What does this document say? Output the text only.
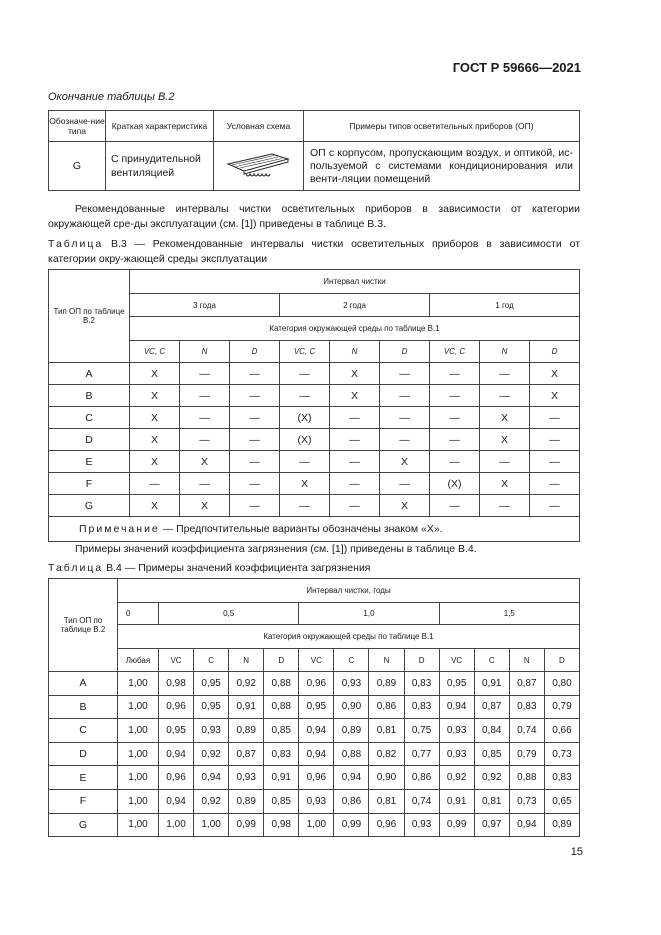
ГОСТ Р 59666—2021
Окончание таблицы В.2
Обозначе-ние типа	Краткая характеристика	Условная схема	Примеры типов осветительных приборов (ОП)
G	С принудительной вентиляцией		ОП с корпусом, пропускающим воздух, и оптикой, ис-пользуемой с системами кондиционирования или венти-ляции помещений
Рекомендованные интервалы чистки осветительных приборов в зависимости от категории окружающей сре-ды эксплуатации (см. [1]) приведены в таблице В.3.
Таблица В.3 — Рекомендованные интервалы чистки осветительных приборов в зависимости от категории окру-жающей среды эксплуатации
Тип ОП по таблице В.2	Интервал чистки								
	3 года			2 года			1 год		
	Категория окружающей среды по таблице В.1								
	VC, C	N	D	VC, C	N	D	VC, C	N	D
A	X	—	—	—	X	—	—	—	X
B	X	—	—	—	X	—	—	—	X
C	X	—	—	(X)	—	—	—	X	—
D	X	—	—	(X)	—	—	—	X	—
E	X	X	—	—	—	X	—	—	—
F	—	—	—	X	—	—	(X)	X	—
G	X	X	—	—	—	X	—	—	—
Примечание — Предпочтительные варианты обозначены знаком «X».									
Примеры значений коэффициента загрязнения (см. [1]) приведены в таблице В.4.
Таблица В.4 — Примеры значений коэффициента загрязнения
Тип ОП по таблице В.2	Интервал чистки, годы												
	0	0,5				1,0				1,5			
	Категория окружающей среды по таблице В.1												
	Любая	VC	C	N	D	VC	C	N	D	VC	C	N	D
A	1,00	0,98	0,95	0,92	0,88	0,96	0,93	0,89	0,83	0,95	0,91	0,87	0,80
B	1,00	0,96	0,95	0,91	0,88	0,95	0,90	0,86	0,83	0,94	0,87	0,83	0,79
C	1,00	0,95	0,93	0,89	0,85	0,94	0,89	0,81	0,75	0,93	0,84	0,74	0,66
D	1,00	0,94	0,92	0,87	0,83	0,94	0,88	0,82	0,77	0,93	0,85	0,79	0,73
E	1,00	0,96	0,94	0,93	0,91	0,96	0,94	0,90	0,86	0,92	0,92	0,88	0,83
F	1,00	0,94	0,92	0,89	0,85	0,93	0,86	0,81	0,74	0,91	0,81	0,73	0,65
G	1,00	1,00	1,00	0,99	0,98	1,00	0,99	0,96	0,93	0,99	0,97	0,94	0,89
15
